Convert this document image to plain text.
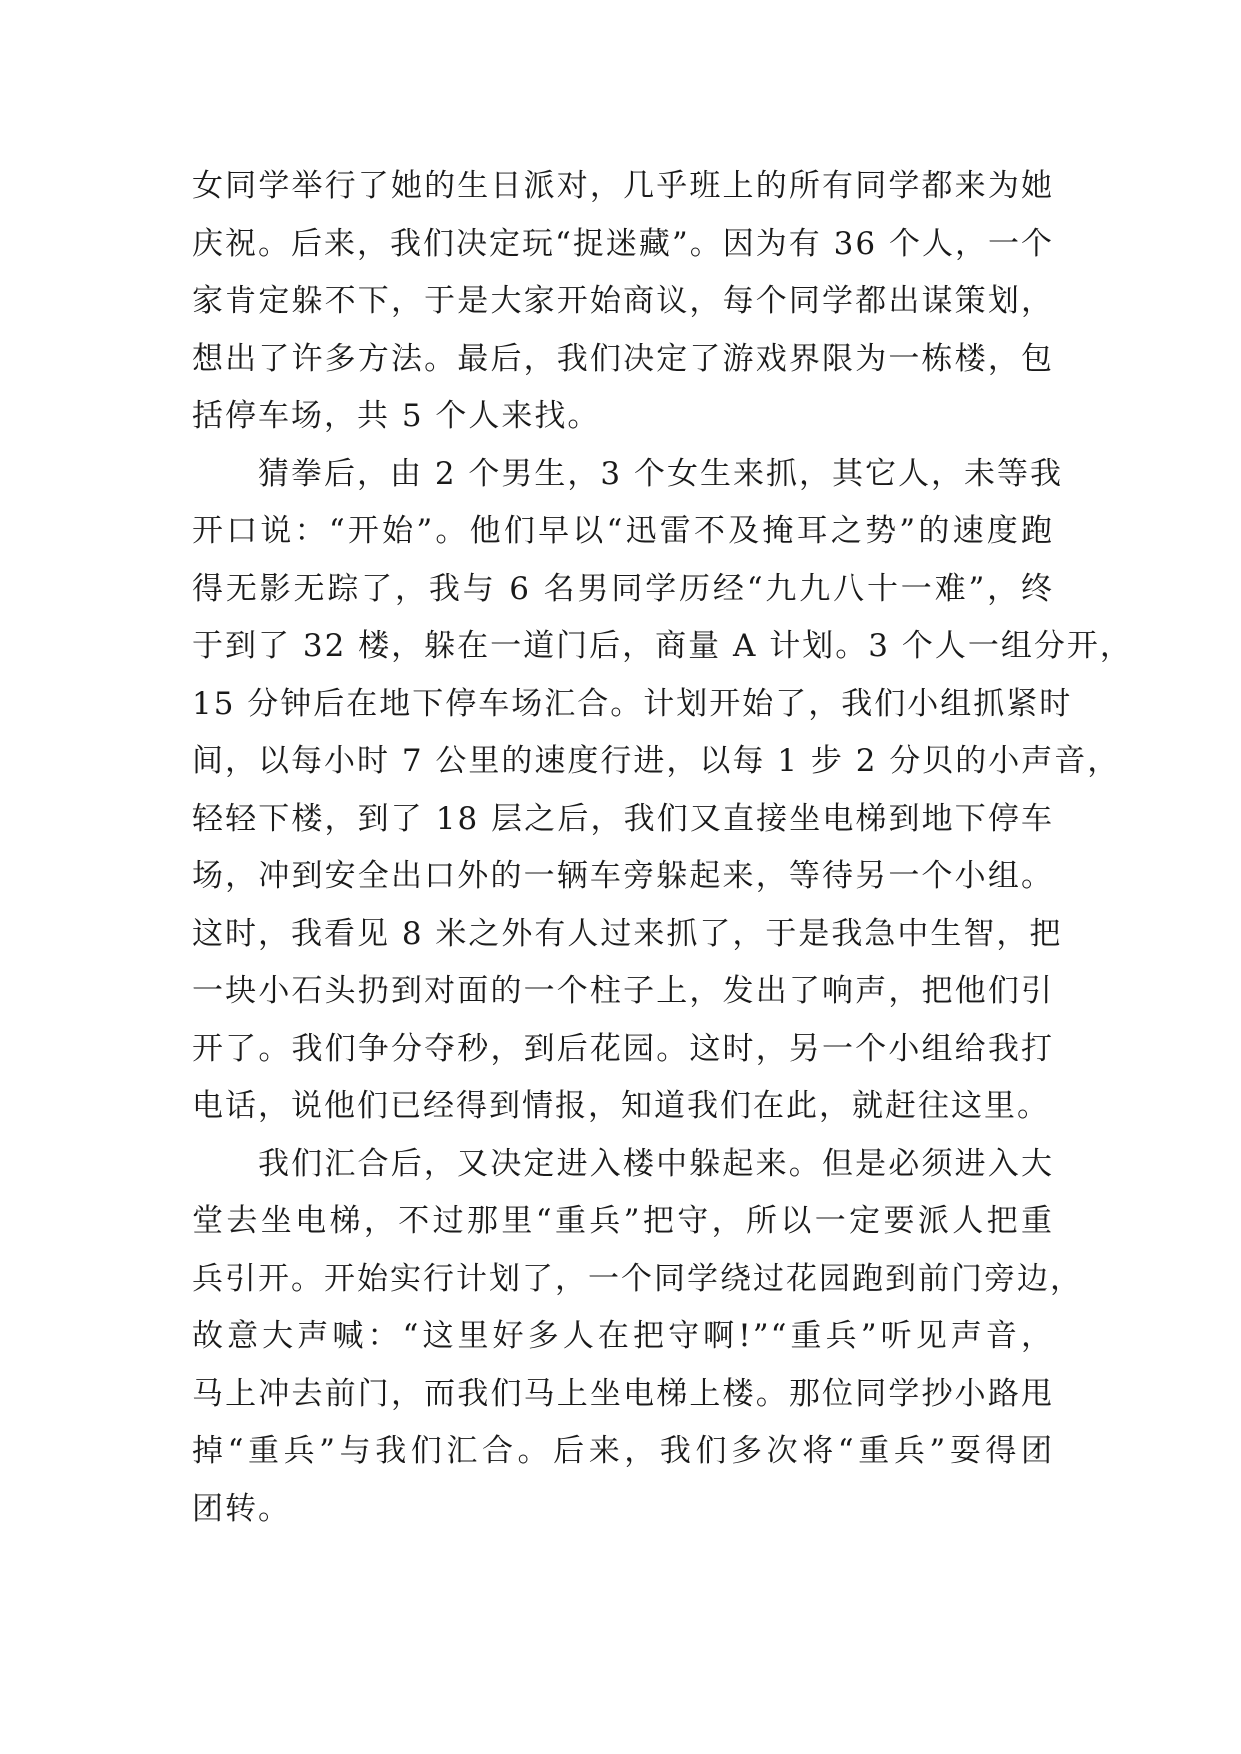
女同学举行了她的生日派对，几乎班上的所有同学都来为她
庆祝。后来，我们决定玩“捉迷藏”。因为有 36 个人，一个
家肯定躲不下，于是大家开始商议，每个同学都出谋策划，
想出了许多方法。最后，我们决定了游戏界限为一栋楼，包
括停车场，共 5 个人来找。
猜拳后，由 2 个男生，3 个女生来抓，其它人，未等我
开口说：“开始”。他们早以“迅雷不及掩耳之势”的速度跑
得无影无踪了，我与 6 名男同学历经“九九八十一难”，终
于到了 32 楼，躲在一道门后，商量 A 计划。3 个人一组分开，
15 分钟后在地下停车场汇合。计划开始了，我们小组抓紧时
间，以每小时 7 公里的速度行进，以每 1 步 2 分贝的小声音，
轻轻下楼，到了 18 层之后，我们又直接坐电梯到地下停车
场，冲到安全出口外的一辆车旁躲起来，等待另一个小组。
这时，我看见 8 米之外有人过来抓了，于是我急中生智，把
一块小石头扔到对面的一个柱子上，发出了响声，把他们引
开了。我们争分夺秒，到后花园。这时，另一个小组给我打
电话，说他们已经得到情报，知道我们在此，就赶往这里。
我们汇合后，又决定进入楼中躲起来。但是必须进入大
堂去坐电梯，不过那里“重兵”把守，所以一定要派人把重
兵引开。开始实行计划了，一个同学绕过花园跑到前门旁边，
故意大声喊：“这里好多人在把守啊!”“重兵”听见声音，
马上冲去前门，而我们马上坐电梯上楼。那位同学抄小路甩
掉“重兵”与我们汇合。后来，我们多次将“重兵”耍得团
团转。
